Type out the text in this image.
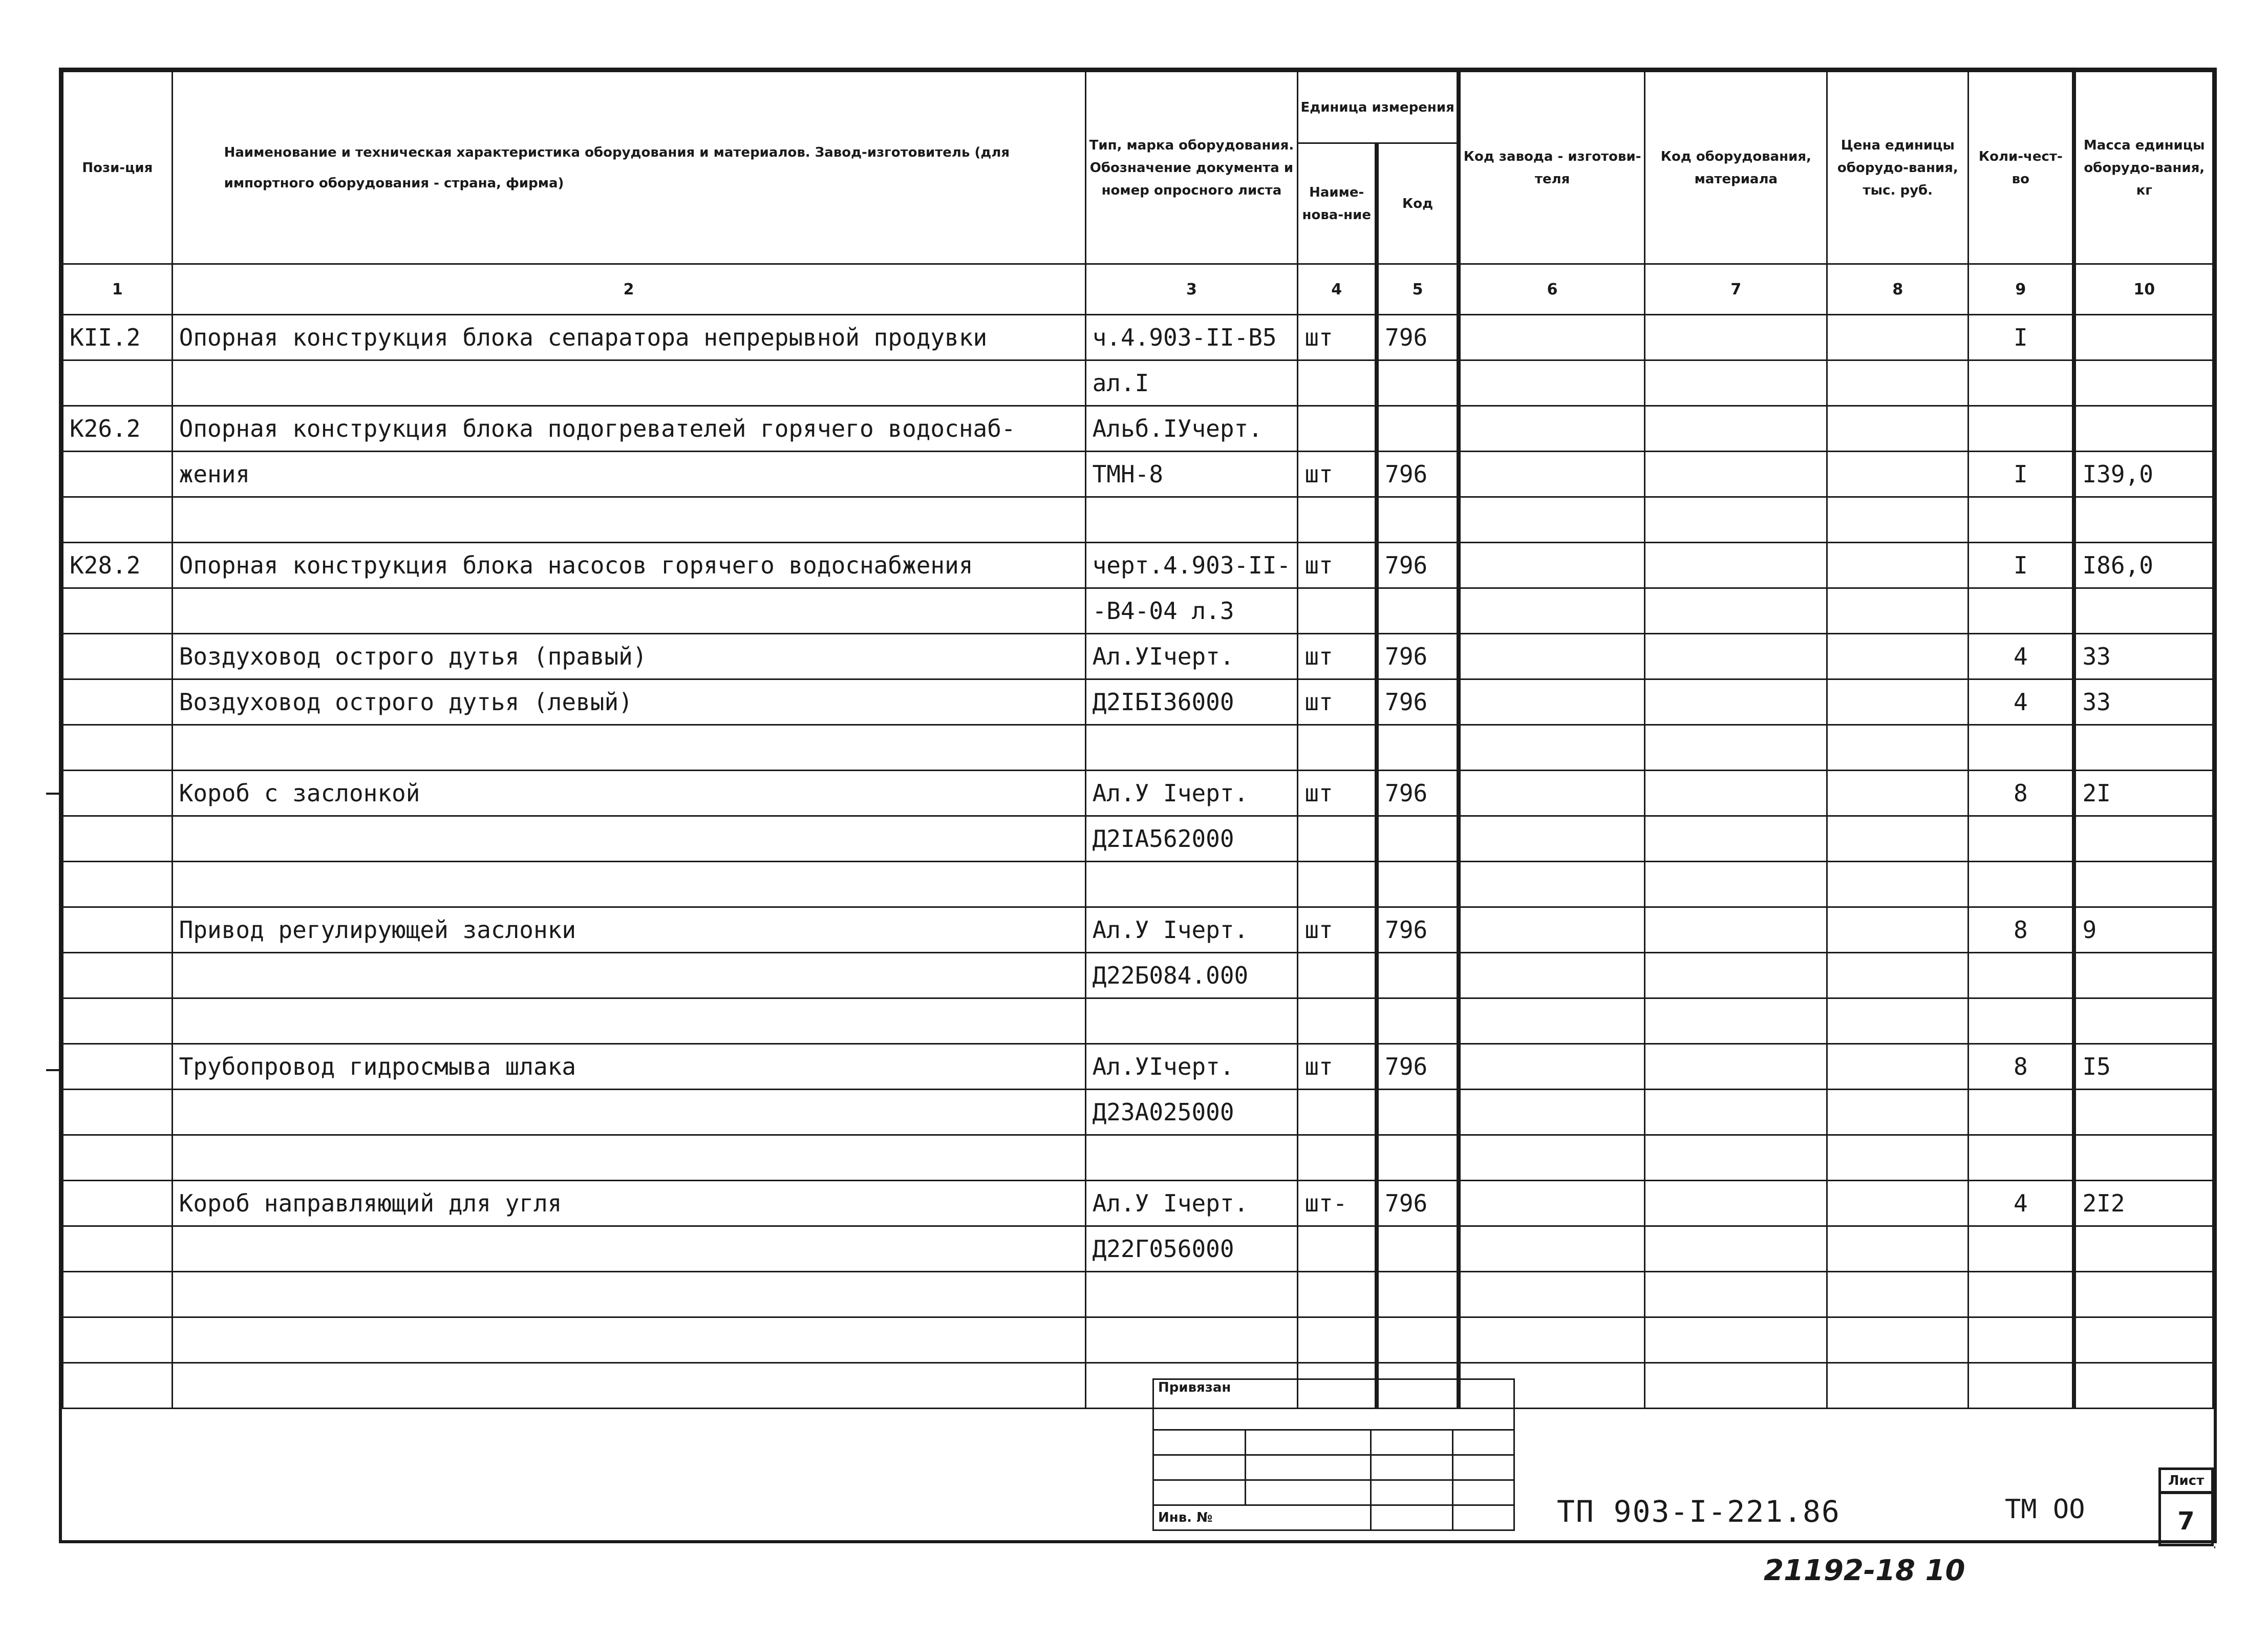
Пози-ция	Наименование и техническая характеристика оборудования и материалов. Завод-изготовитель (для импортного оборудования - страна, фирма)	Тип, марка оборудования. Обозначение документа и номер опросного листа	Единица измерения		Код завода - изготови-теля	Код оборудования, материала	Цена единицы оборудо-вания, тыс. руб.	Коли-чест-во	Масса единицы оборудо-вания, кг
			Наиме-нова-ние	Код					
1	2	3	4	5	6	7	8	9	10
КII.2	Опорная конструкция блока сепаратора непрерывной продувки	ч.4.903-II-В5	шт	796				I	
		ал.I							
К26.2	Опорная конструкция блока подогревателей горячего водоснаб-	Альб.IУчерт.							
	жения	ТМН-8	шт	796				I	I39,0

К28.2	Опорная конструкция блока насосов горячего водоснабжения	черт.4.903-II-	шт	796				I	I86,0
		-В4-04 л.3							
	Воздуховод острого дутья (правый)	Ал.УIчерт.	шт	796				4	33
	Воздуховод острого дутья (левый)	Д2IБI36000	шт	796				4	33

	Короб с заслонкой	Ал.У Iчерт.	шт	796				8	2I
		Д2IА562000							

	Привод регулирующей заслонки	Ал.У Iчерт.	шт	796				8	9
		Д22Б084.000							

	Трубопровод гидросмыва шлака	Ал.УIчерт.	шт	796				8	I5
		Д23А025000							

	Короб направляющий для угля	Ал.У Iчерт.	шт-	796				4	2I2
		Д22Г056000							

Привязан			

Инв. №				ТП 903-I-221.86	ТМ ОО
Лист
7
21192-18 10
